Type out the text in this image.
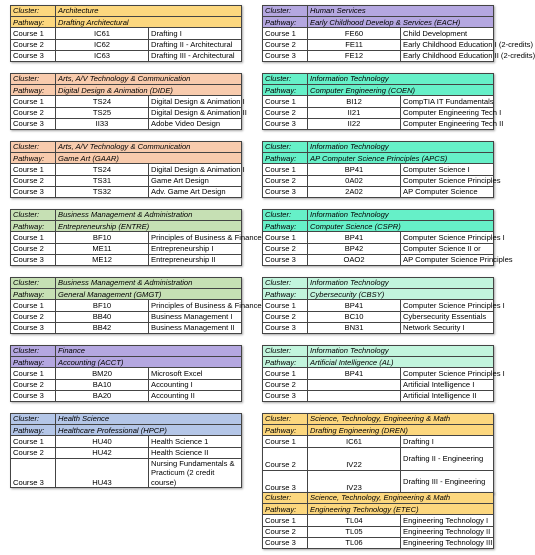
Cluster:	Architecture	
Pathway:	Drafting Architectural	
Course 1	IC61	Drafting I
Course 2	IC62	Drafting II - Architectural
Course 3	IC63	Drafting III - Architectural
Cluster:	Arts, A/V Technology & Communication	
Pathway:	Digital Design & Animation (DIDE)	
Course 1	TS24	Digital Design & Animation I
Course 2	TS25	Digital Design & Animation II
Course 3	II33	Adobe Video Design
Cluster:	Arts, A/V Technology & Communication	
Pathway:	Game Art (GAAR)	
Course 1	TS24	Digital Design & Animation I
Course 2	TS31	Game Art Design
Course 3	TS32	Adv. Game Art Design
Cluster:	Business Management & Administration	
Pathway:	Entrepreneurship (ENTRE)	
Course 1	BF10	Principles of Business & Finance
Course 2	ME11	Entrepreneurship I
Course 3	ME12	Entrepreneurship II
Cluster:	Business Management & Administration	
Pathway:	General Management (GMGT)	
Course 1	BF10	Principles of Business & Finance
Course 2	BB40	Business Management I
Course 3	BB42	Business Management II
Cluster:	Finance	
Pathway:	Accounting (ACCT)	
Course 1	BM20	Microsoft Excel
Course 2	BA10	Accounting I
Course 3	BA20	Accounting II
Cluster:	Health Science	
Pathway:	Healthcare Professional (HPCP)	
Course 1	HU40	Health Science 1
Course 2	HU42	Health Science II
Course 3	HU43	Nursing Fundamentals & Practicum (2 credit course)
Cluster:	Human Services	
Pathway:	Early Childhood Develop & Services (EACH)	
Course 1	FE60	Child Development
Course 2	FE11	Early Childhood Education I (2-credits)
Course 3	FE12	Early Childhood Education II (2-credits)
Cluster:	Information Technology	
Pathway:	Computer Engineering (COEN)	
Course 1	BI12	CompTIA IT Fundamentals
Course 2	II21	Computer Engineering Tech I
Course 3	II22	Computer Engineering Tech II
Cluster:	Information Technology	
Pathway:	AP Computer Science Principles (APCS)	
Course 1	BP41	Computer Science I
Course 2	0A02	Computer Science Principles
Course 3	2A02	AP Computer Science
Cluster:	Information Technology	
Pathway:	Computer Science (CSPR)	
Course 1	BP41	Computer Science Principles I
Course 2	BP42	Computer Science II or
Course 3	OAO2	AP Computer Science Principles
Cluster:	Information Technology	
Pathway:	Cybersecurity (CBSY)	
Course 1	BP41	Computer Science Principles I
Course 2	BC10	Cybersecurity Essentials
Course 3	BN31	Network Security I
Cluster:	Information Technology	
Pathway:	Artificial Intelligence (AL)	
Course 1	BP41	Computer Science Principles I
Course 2		Artificial Intelligence I
Course 3		Artificial Intelligence II
Cluster:	Science, Technology, Engineering & Math	
Pathway:	Drafting Engineering (DREN)	
Course 1	IC61	Drafting I
Course 2	IV22	Drafting II - Engineering
Course 3	IV23	Drafting III - Engineering
Cluster:	Science, Technology, Engineering & Math	
Pathway:	Engineering Technology (ETEC)	
Course 1	TL04	Engineering Technology I
Course 2	TL05	Engineering Technology II
Course 3	TL06	Engineering Technology III
